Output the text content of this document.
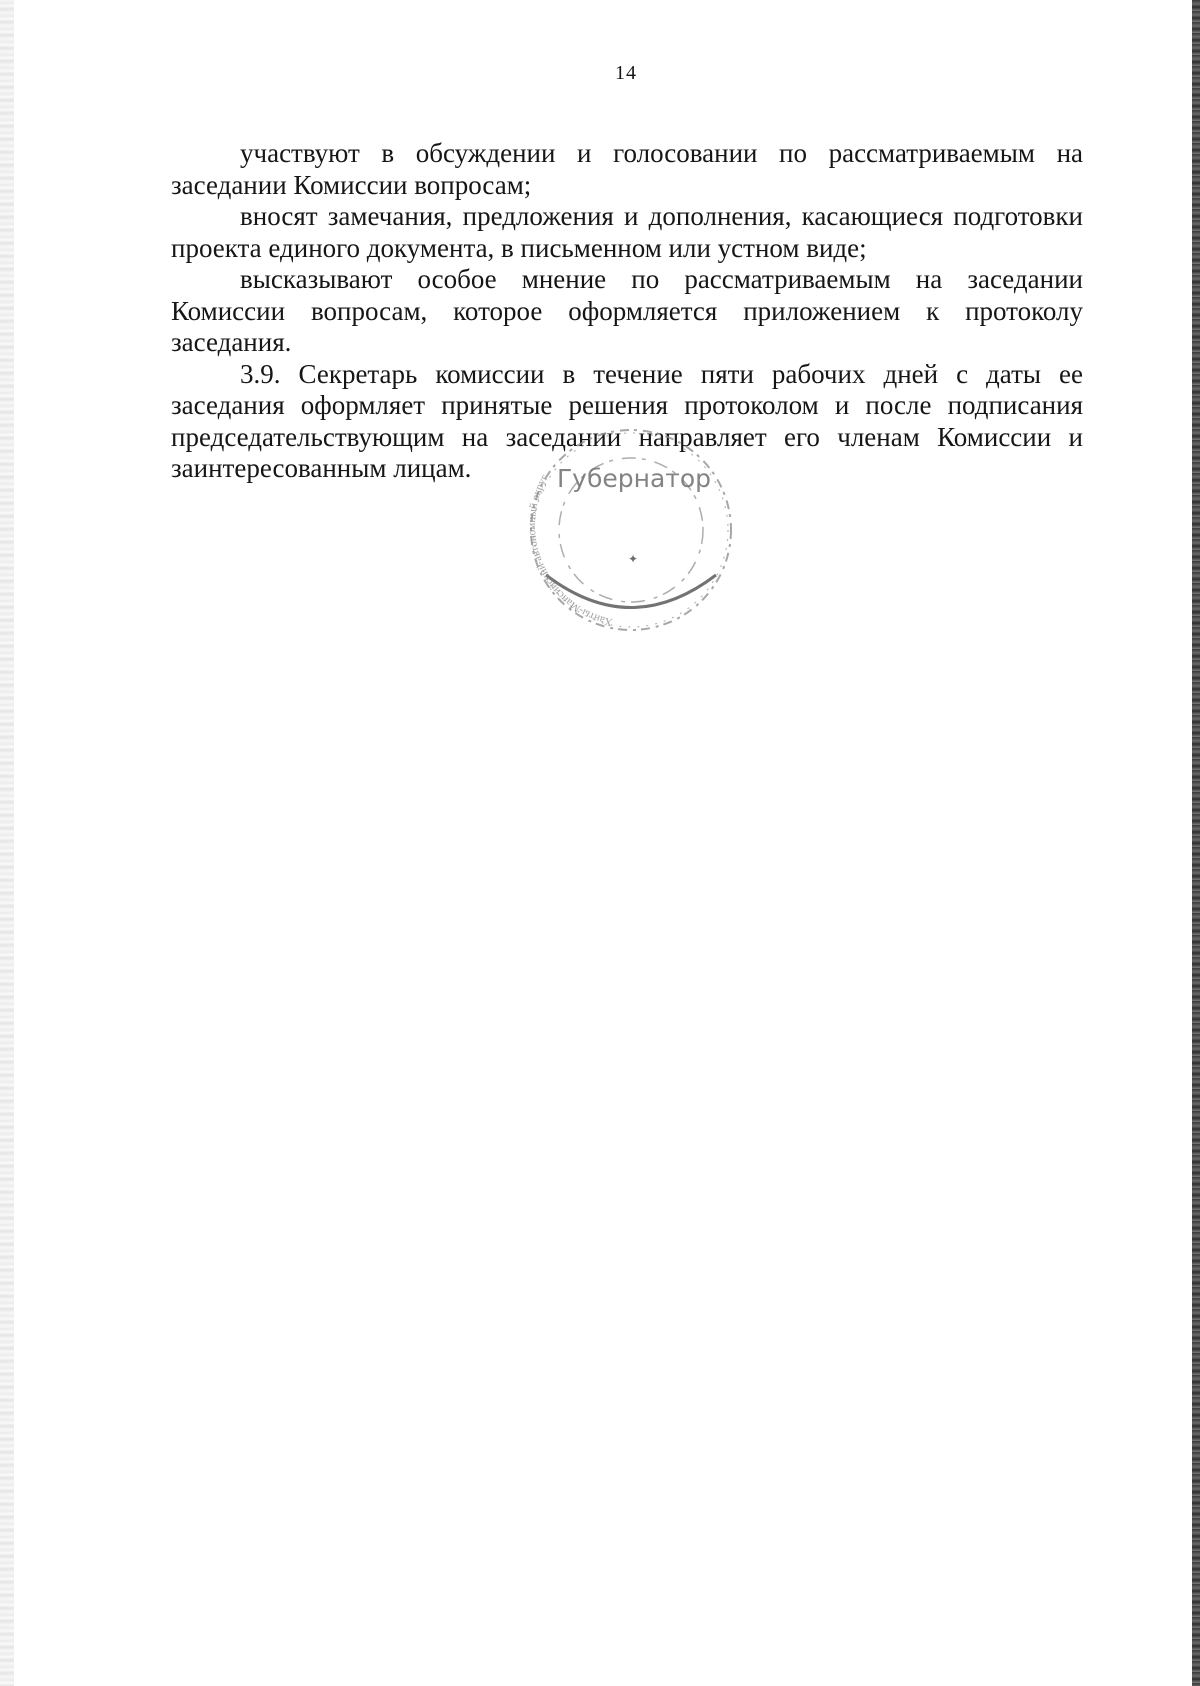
14

участвуют в обсуждении и голосовании по рассматриваемым на заседании Комиссии вопросам;

вносят замечания, предложения и дополнения, касающиеся подготовки проекта единого документа, в письменном или устном виде;

высказывают особое мнение по рассматриваемым на заседании Комиссии вопросам, которое оформляется приложением к протоколу заседания.

3.9. Секретарь комиссии в течение пяти рабочих дней с даты ее заседания оформляет принятые решения протоколом и после подписания председательствующим на заседании направляет его членам Комиссии и заинтересованным лицам.

Ханты-Мансийский автономный округ Губернатор
✦
